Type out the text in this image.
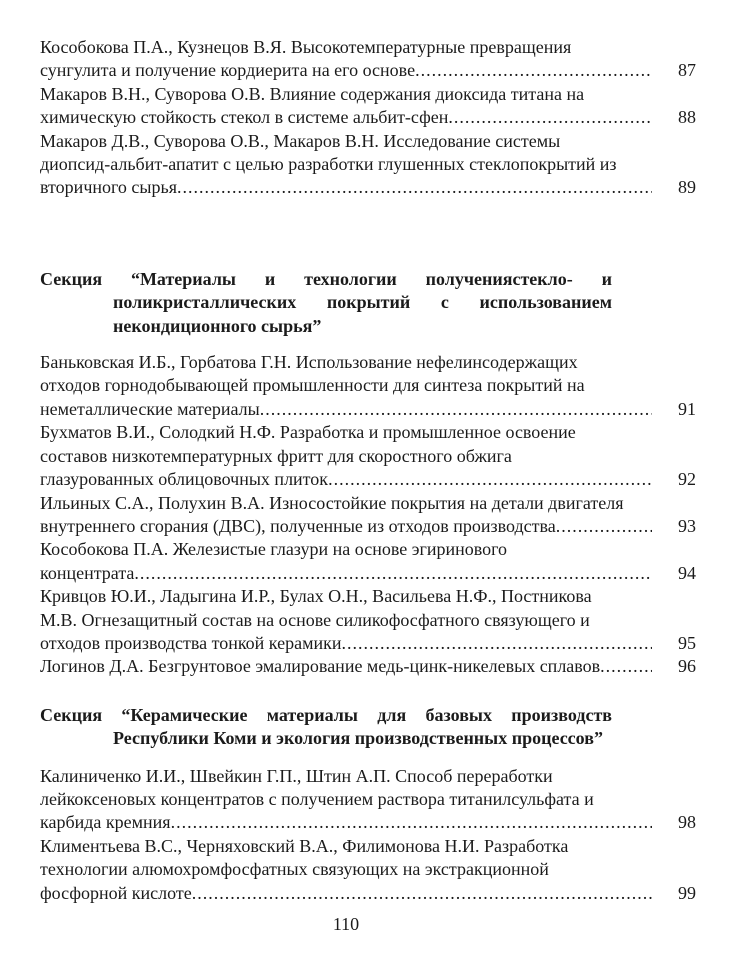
Кособокова П.А., Кузнецов В.Я. Высокотемпературные превращения
сунгулита и получение кордиерита на его основе .....	87
Макаров В.Н., Суворова О.В. Влияние содержания диоксида титана на
химическую стойкость стекол в системе альбит-сфен .....	88
Макаров Д.В., Суворова О.В., Макаров В.Н. Исследование системы
диопсид-альбит-апатит с целью разработки глушенных стеклопокрытий из
вторичного сырья .....	89
Секция “Материалы и технологии получениястекло- и
поликристаллических покрытий с использованием
некондиционного сырья”
Баньковская И.Б., Горбатова Г.Н. Использование нефелинсодержащих
отходов горнодобывающей промышленности для синтеза покрытий на
неметаллические материалы .....	91
Бухматов В.И., Солодкий Н.Ф. Разработка и промышленное освоение
составов низкотемпературных фритт для скоростного обжига
глазурованных облицовочных плиток .....	92
Ильиных С.А., Полухин В.А. Износостойкие покрытия на детали двигателя
внутреннего сгорания (ДВС), полученные из отходов производства .....	93
Кособокова П.А. Железистые глазури на основе эгиринового
концентрата .....	94
Кривцов Ю.И., Ладыгина И.Р., Булах О.Н., Васильева Н.Ф., Постникова
М.В. Огнезащитный состав на основе силикофосфатного связующего и
отходов производства тонкой керамики .....	95
Логинов Д.А. Безгрунтовое эмалирование медь-цинк-никелевых сплавов .....	96
Секция “Керамические материалы для базовых производств
Республики Коми и экология производственных процессов”
Калиниченко И.И., Швейкин Г.П., Штин А.П. Способ переработки
лейкоксеновых концентратов с получением раствора титанилсульфата и
карбида кремния .....	98
Климентьева В.С., Черняховский В.А., Филимонова Н.И. Разработка
технологии алюмохромфосфатных связующих на экстракционной
фосфорной кислоте .....	99
110
